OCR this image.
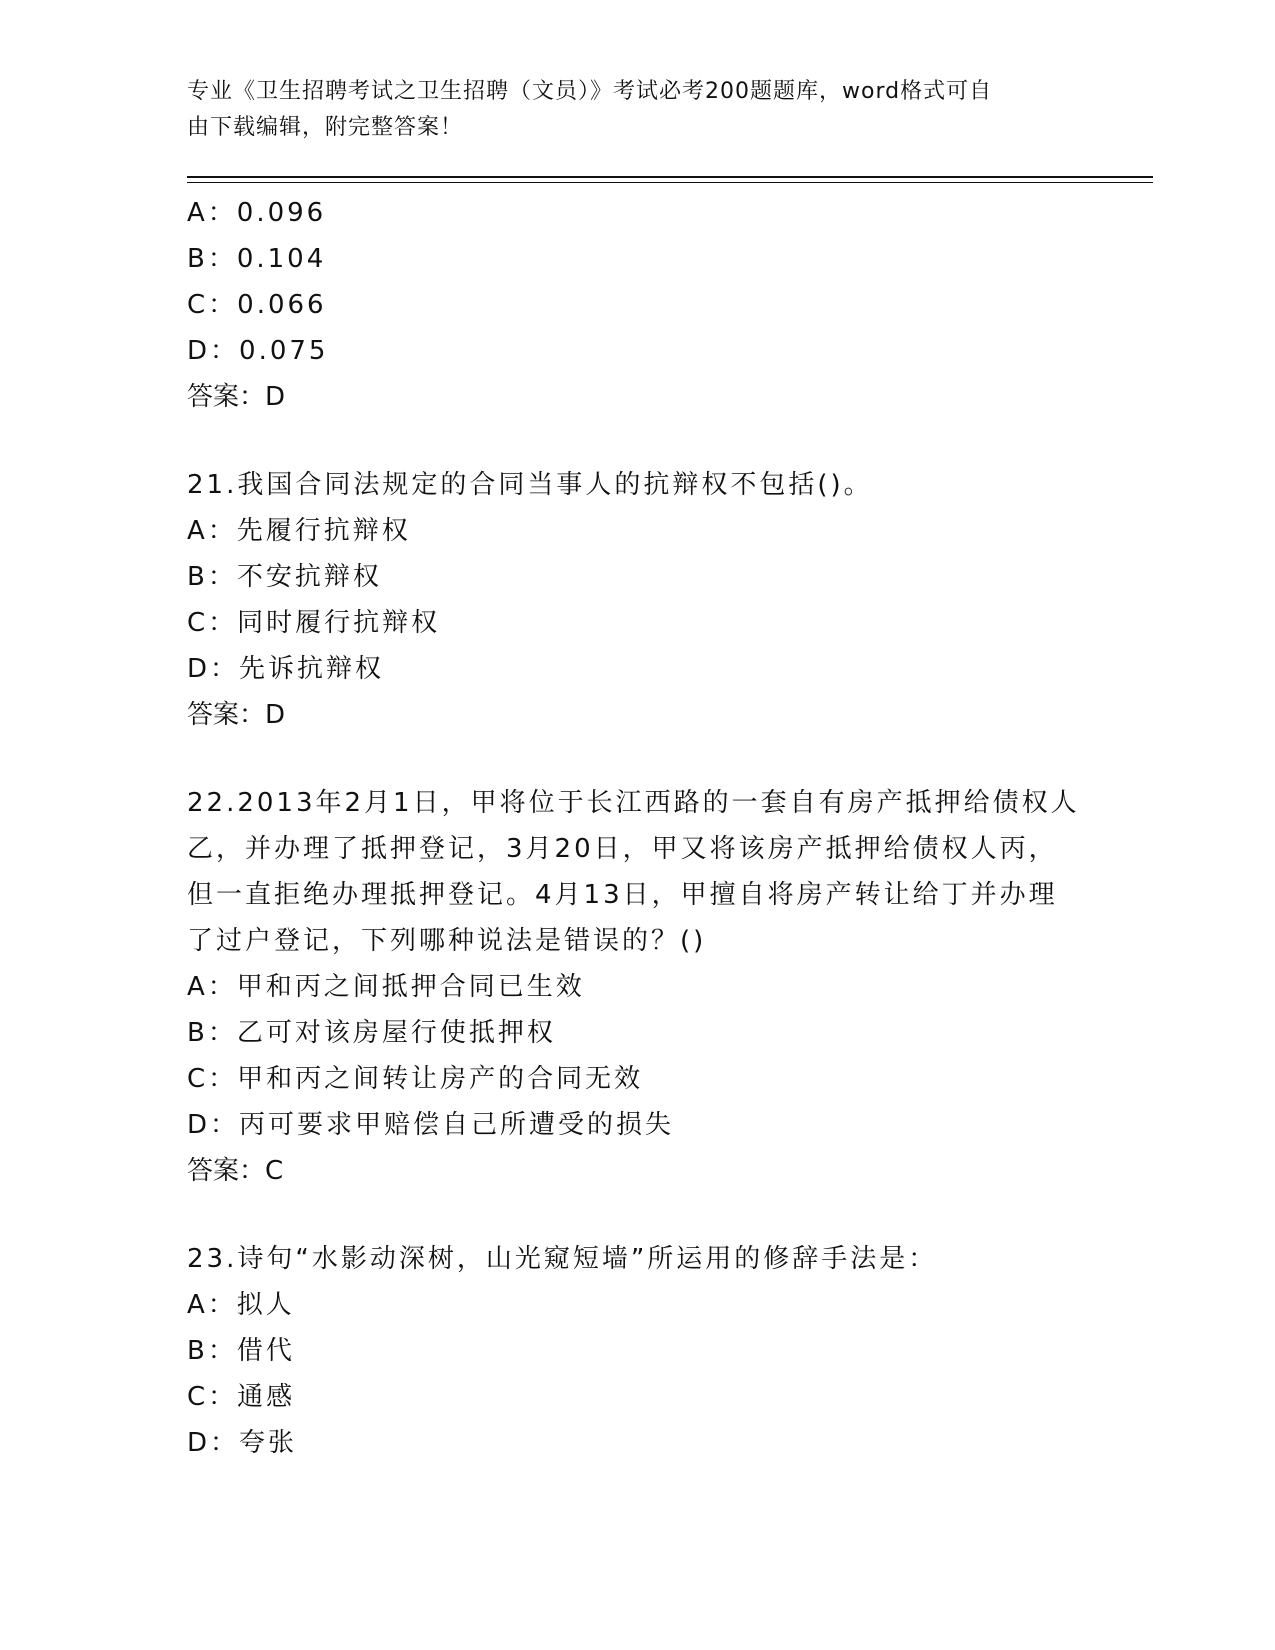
专业《卫生招聘考试之卫生招聘（文员）》考试必考200题题库，word格式可自
由下载编辑，附完整答案！
A：0.096
B：0.104
C：0.066
D：0.075
答案：D
21.我国合同法规定的合同当事人的抗辩权不包括()。
A：先履行抗辩权
B：不安抗辩权
C：同时履行抗辩权
D：先诉抗辩权
答案：D
22.2013年2月1日，甲将位于长江西路的一套自有房产抵押给债权人
乙，并办理了抵押登记，3月20日，甲又将该房产抵押给债权人丙，
但一直拒绝办理抵押登记。4月13日，甲擅自将房产转让给丁并办理
了过户登记，下列哪种说法是错误的？()
A：甲和丙之间抵押合同已生效
B：乙可对该房屋行使抵押权
C：甲和丙之间转让房产的合同无效
D：丙可要求甲赔偿自己所遭受的损失
答案：C
23.诗句“水影动深树，山光窥短墙”所运用的修辞手法是：
A：拟人
B：借代
C：通感
D：夸张
